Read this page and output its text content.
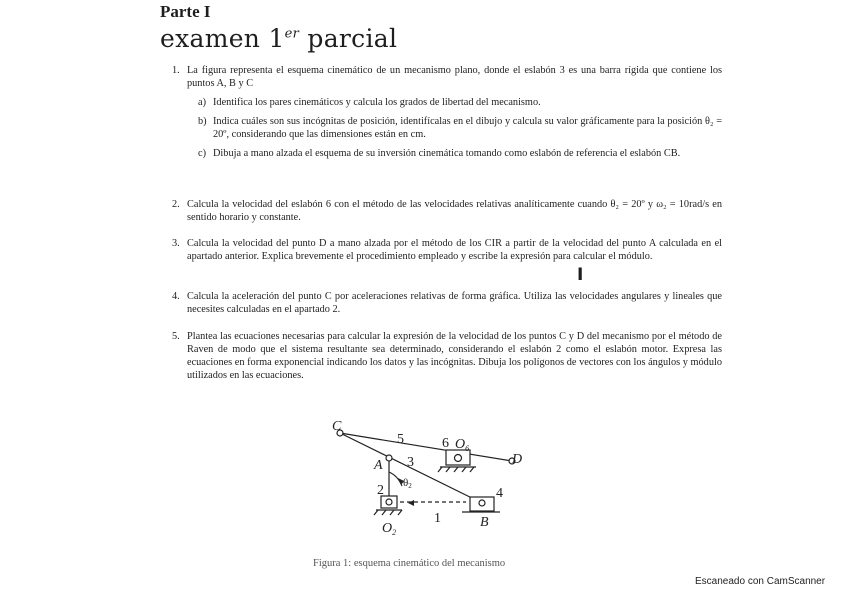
Parte I
examen 1er parcial
1. La figura representa el esquema cinemático de un mecanismo plano, donde el eslabón 3 es una barra rígida que contiene los puntos A, B y C
a) Identifica los pares cinemáticos y calcula los grados de libertad del mecanismo.
b) Indica cuáles son sus incógnitas de posición, identifícalas en el dibujo y calcula su valor gráficamente para la posición θ₂ = 20º, considerando que las dimensiones están en cm.
c) Dibuja a mano alzada el esquema de su inversión cinemática tomando como eslabón de referencia el eslabón CB.
2. Calcula la velocidad del eslabón 6 con el método de las velocidades relativas analíticamente cuando θ₂ = 20º y ω₂ = 10rad/s en sentido horario y constante.
3. Calcula la velocidad del punto D a mano alzada por el método de los CIR a partir de la velocidad del punto A calculada en el apartado anterior. Explica brevemente el procedimiento empleado y escribe la expresión para calcular el módulo.
4. Calcula la aceleración del punto C por aceleraciones relativas de forma gráfica. Utiliza las velocidades angulares y lineales que necesites calculadas en el apartado 2.
5. Plantea las ecuaciones necesarias para calcular la expresión de la velocidad de los puntos C y D del mecanismo por el método de Raven de modo que el sistema resultante sea determinado, considerando el eslabón 2 como el eslabón motor. Expresa las ecuaciones en forma exponencial indicando los datos y las incógnitas. Dibuja los polígonos de vectores con los ángulos y módulo utilizados en las ecuaciones.
I
C
5	6 $O_6$
D
A 3
θ2
2	4
1	B
$O_2$
Figura 1: esquema cinemático del mecanismo
Escaneado con CamScanner
